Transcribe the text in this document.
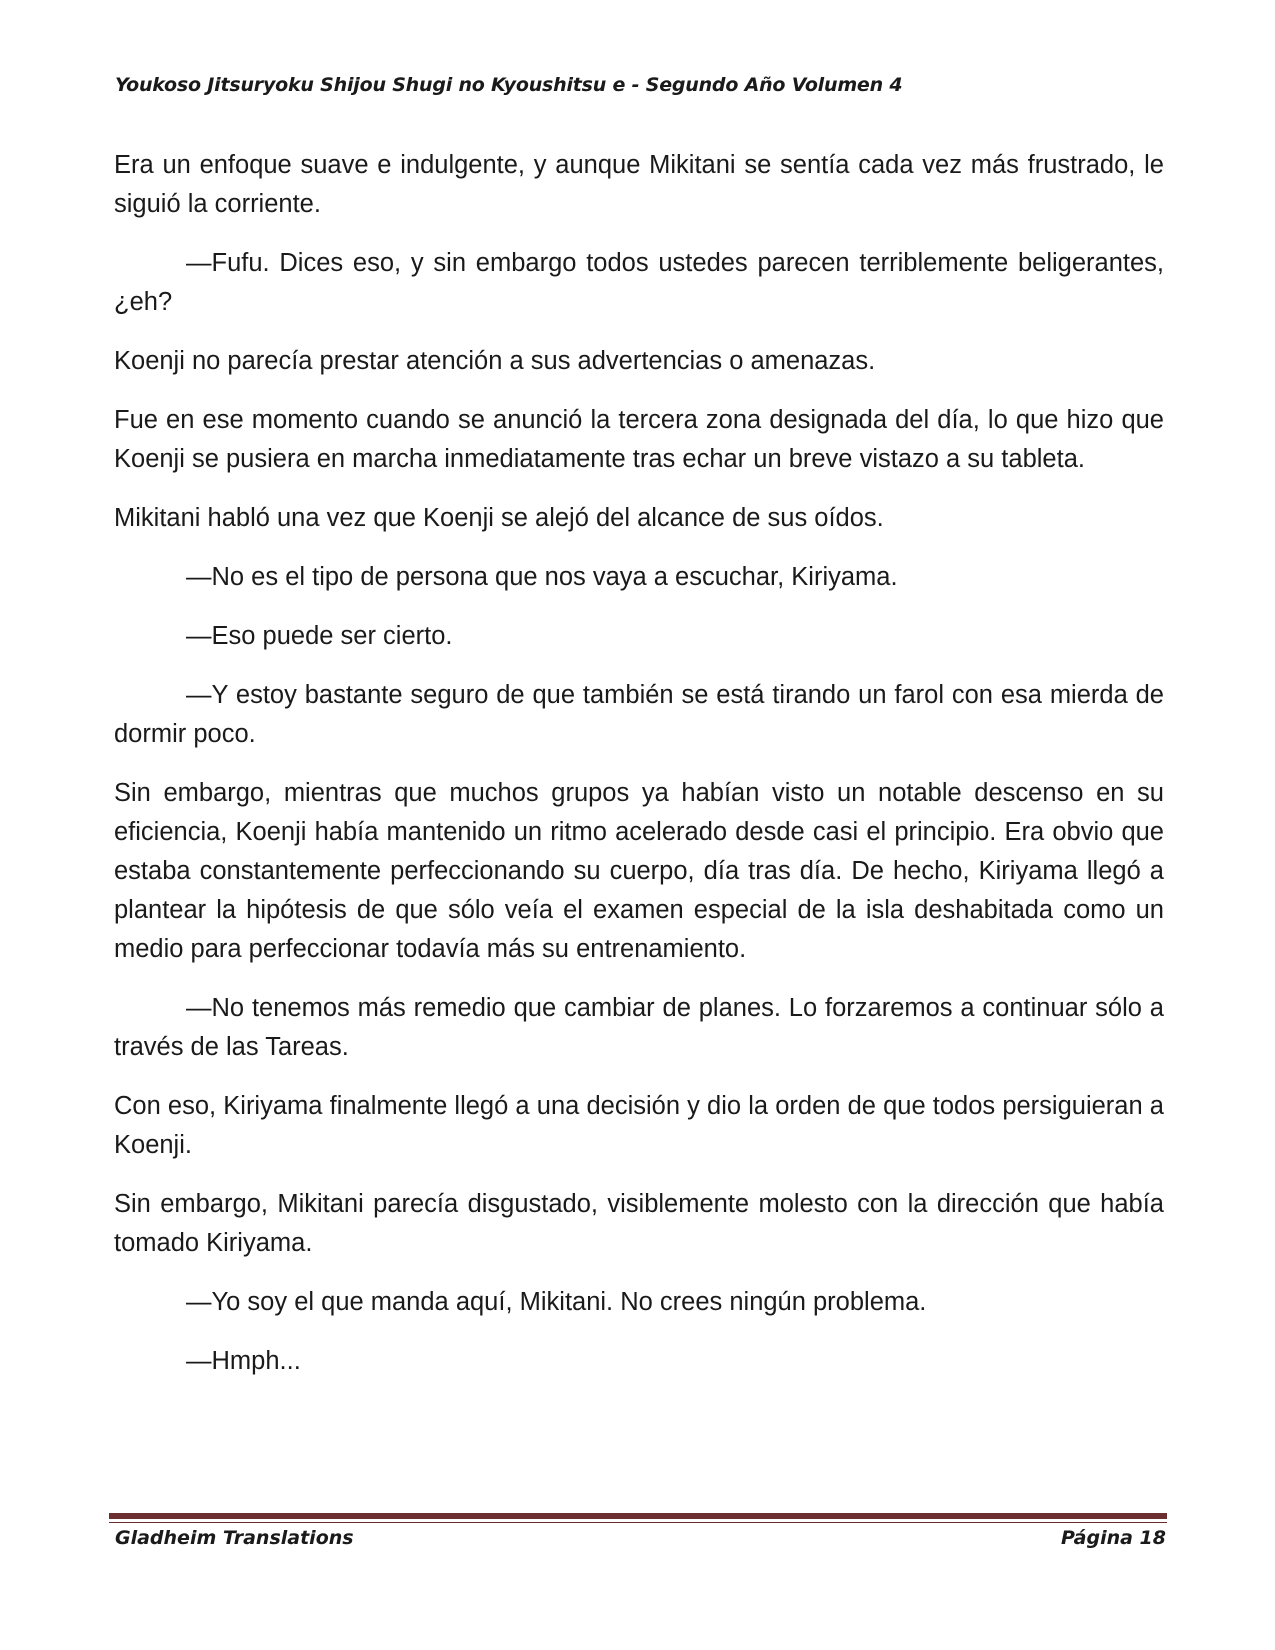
Youkoso Jitsuryoku Shijou Shugi no Kyoushitsu e - Segundo Año Volumen 4

Era un enfoque suave e indulgente, y aunque Mikitani se sentía cada vez más frustrado, le siguió la corriente.

—Fufu. Dices eso, y sin embargo todos ustedes parecen terriblemente beligerantes, ¿eh?

Koenji no parecía prestar atención a sus advertencias o amenazas.

Fue en ese momento cuando se anunció la tercera zona designada del día, lo que hizo que Koenji se pusiera en marcha inmediatamente tras echar un breve vistazo a su tableta.

Mikitani habló una vez que Koenji se alejó del alcance de sus oídos.

—No es el tipo de persona que nos vaya a escuchar, Kiriyama.

—Eso puede ser cierto.

—Y estoy bastante seguro de que también se está tirando un farol con esa mierda de dormir poco.

Sin embargo, mientras que muchos grupos ya habían visto un notable descenso en su eficiencia, Koenji había mantenido un ritmo acelerado desde casi el principio. Era obvio que estaba constantemente perfeccionando su cuerpo, día tras día. De hecho, Kiriyama llegó a plantear la hipótesis de que sólo veía el examen especial de la isla deshabitada como un medio para perfeccionar todavía más su entrenamiento.

—No tenemos más remedio que cambiar de planes. Lo forzaremos a continuar sólo a través de las Tareas.

Con eso, Kiriyama finalmente llegó a una decisión y dio la orden de que todos persiguieran a Koenji.

Sin embargo, Mikitani parecía disgustado, visiblemente molesto con la dirección que había tomado Kiriyama.

—Yo soy el que manda aquí, Mikitani. No crees ningún problema.

—Hmph...

Gladheim Translations	Página 18
